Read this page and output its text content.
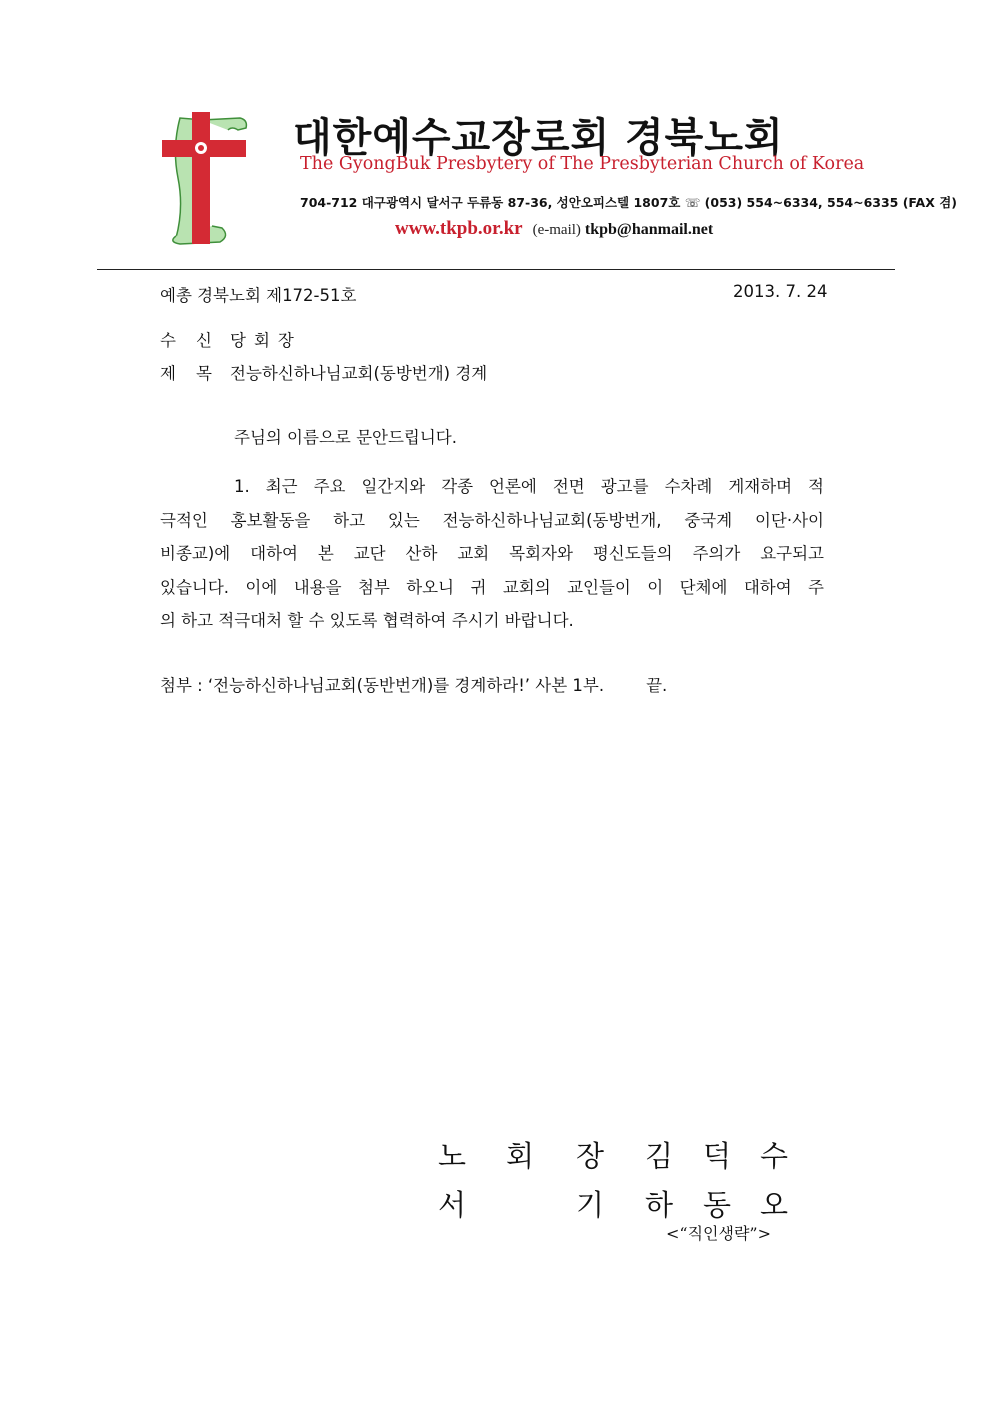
대한예수교장로회 경북노회
The GyongBuk Presbytery of The Presbyterian Church of Korea
704-712 대구광역시 달서구 두류동 87-36, 성안오피스텔 1807호 ☏ (053) 554~6334, 554~6335 (FAX 겸)
www.tkpb.or.kr (e-mail) tkpb@hanmail.net
예총 경북노회 제172-51호	2013. 7. 24
수신당회장
제목전능하신하나님교회(동방번개) 경계
주님의 이름으로 문안드립니다.
1. 최근 주요 일간지와 각종 언론에 전면 광고를 수차례 게재하며 적
극적인 홍보활동을 하고 있는 전능하신하나님교회(동방번개, 중국계 이단·사이
비종교)에 대하여 본 교단 산하 교회 목회자와 평신도들의 주의가 요구되고
있습니다. 이에 내용을 첨부 하오니 귀 교회의 교인들이 이 단체에 대하여 주
의 하고 적극대처 할 수 있도록 협력하여 주시기 바랍니다.
첨부 : ‘전능하신하나님교회(동반번개)를 경계하라!’ 사본 1부.	끝.
노 회 장 김 덕 수
서	기 하 동 오
<“직인생략”>
